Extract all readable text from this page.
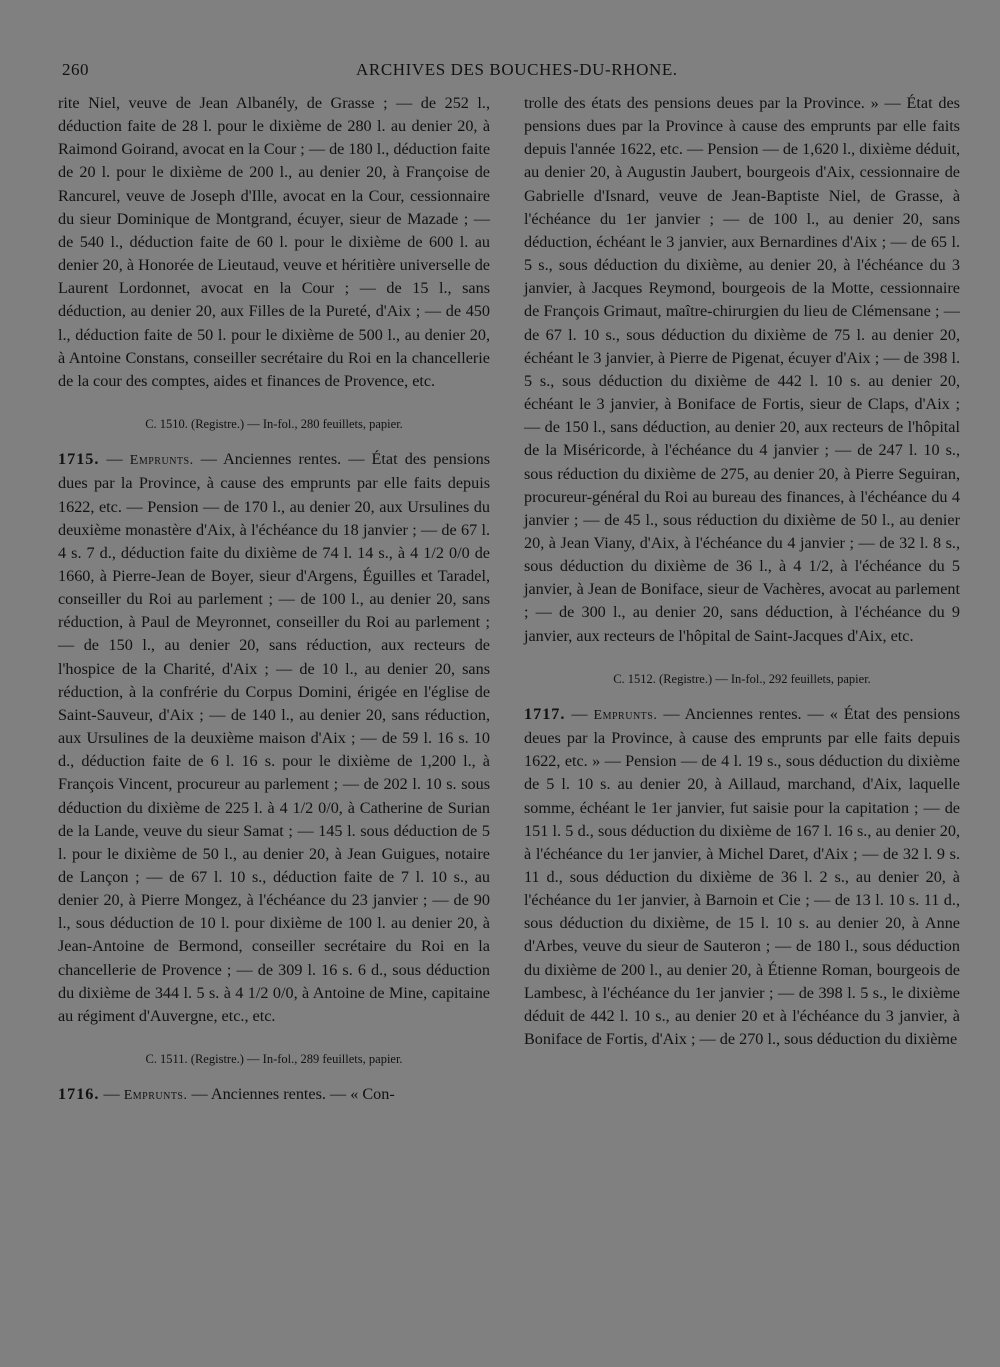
260	ARCHIVES DES BOUCHES-DU-RHONE.

rite Niel, veuve de Jean Albanély, de Grasse ; — de 252 l., déduction faite de 28 l. pour le dixième de 280 l. au denier 20, à Raimond Goirand, avocat en la Cour ; — de 180 l., déduction faite de 20 l. pour le dixième de 200 l., au denier 20, à Françoise de Rancurel, veuve de Joseph d'Ille, avocat en la Cour, cessionnaire du sieur Dominique de Montgrand, écuyer, sieur de Mazade ; — de 540 l., déduction faite de 60 l. pour le dixième de 600 l. au denier 20, à Honorée de Lieutaud, veuve et héritière universelle de Laurent Lordonnet, avocat en la Cour ; — de 15 l., sans déduction, au denier 20, aux Filles de la Pureté, d'Aix ; — de 450 l., déduction faite de 50 l. pour le dixième de 500 l., au denier 20, à Antoine Constans, conseiller secrétaire du Roi en la chancellerie de la cour des comptes, aides et finances de Provence, etc.

C. 1510. (Registre.) — In-fol., 280 feuillets, papier.

1715. — Emprunts. — Anciennes rentes. — État des pensions dues par la Province, à cause des emprunts par elle faits depuis 1622, etc. — Pension — de 170 l., au denier 20, aux Ursulines du deuxième monastère d'Aix, à l'échéance du 18 janvier ; — de 67 l. 4 s. 7 d., déduction faite du dixième de 74 l. 14 s., à 4 1/2 0/0 de 1660, à Pierre-Jean de Boyer, sieur d'Argens, Éguilles et Taradel, conseiller du Roi au parlement ; — de 100 l., au denier 20, sans réduction, à Paul de Meyronnet, conseiller du Roi au parlement ; — de 150 l., au denier 20, sans réduction, aux recteurs de l'hospice de la Charité, d'Aix ; — de 10 l., au denier 20, sans réduction, à la confrérie du Corpus Domini, érigée en l'église de Saint-Sauveur, d'Aix ; — de 140 l., au denier 20, sans réduction, aux Ursulines de la deuxième maison d'Aix ; — de 59 l. 16 s. 10 d., déduction faite de 6 l. 16 s. pour le dixième de 1,200 l., à François Vincent, procureur au parlement ; — de 202 l. 10 s. sous déduction du dixième de 225 l. à 4 1/2 0/0, à Catherine de Surian de la Lande, veuve du sieur Samat ; — 145 l. sous déduction de 5 l. pour le dixième de 50 l., au denier 20, à Jean Guigues, notaire de Lançon ; — de 67 l. 10 s., déduction faite de 7 l. 10 s., au denier 20, à Pierre Mongez, à l'échéance du 23 janvier ; — de 90 l., sous déduction de 10 l. pour dixième de 100 l. au denier 20, à Jean-Antoine de Bermond, conseiller secrétaire du Roi en la chancellerie de Provence ; — de 309 l. 16 s. 6 d., sous déduction du dixième de 344 l. 5 s. à 4 1/2 0/0, à Antoine de Mine, capitaine au régiment d'Auvergne, etc., etc.

C. 1511. (Registre.) — In-fol., 289 feuillets, papier.

1716. — Emprunts. — Anciennes rentes. — « Con-

trolle des états des pensions deues par la Province. » — État des pensions dues par la Province à cause des emprunts par elle faits depuis l'année 1622, etc. — Pension — de 1,620 l., dixième déduit, au denier 20, à Augustin Jaubert, bourgeois d'Aix, cessionnaire de Gabrielle d'Isnard, veuve de Jean-Baptiste Niel, de Grasse, à l'échéance du 1er janvier ; — de 100 l., au denier 20, sans déduction, échéant le 3 janvier, aux Bernardines d'Aix ; — de 65 l. 5 s., sous déduction du dixième, au denier 20, à l'échéance du 3 janvier, à Jacques Reymond, bourgeois de la Motte, cessionnaire de François Grimaut, maître-chirurgien du lieu de Clémensane ; — de 67 l. 10 s., sous déduction du dixième de 75 l. au denier 20, échéant le 3 janvier, à Pierre de Pigenat, écuyer d'Aix ; — de 398 l. 5 s., sous déduction du dixième de 442 l. 10 s. au denier 20, échéant le 3 janvier, à Boniface de Fortis, sieur de Claps, d'Aix ; — de 150 l., sans déduction, au denier 20, aux recteurs de l'hôpital de la Miséricorde, à l'échéance du 4 janvier ; — de 247 l. 10 s., sous réduction du dixième de 275, au denier 20, à Pierre Seguiran, procureur-général du Roi au bureau des finances, à l'échéance du 4 janvier ; — de 45 l., sous réduction du dixième de 50 l., au denier 20, à Jean Viany, d'Aix, à l'échéance du 4 janvier ; — de 32 l. 8 s., sous déduction du dixième de 36 l., à 4 1/2, à l'échéance du 5 janvier, à Jean de Boniface, sieur de Vachères, avocat au parlement ; — de 300 l., au denier 20, sans déduction, à l'échéance du 9 janvier, aux recteurs de l'hôpital de Saint-Jacques d'Aix, etc.

C. 1512. (Registre.) — In-fol., 292 feuillets, papier.

1717. — Emprunts. — Anciennes rentes. — « État des pensions deues par la Province, à cause des emprunts par elle faits depuis 1622, etc. » — Pension — de 4 l. 19 s., sous déduction du dixième de 5 l. 10 s. au denier 20, à Aillaud, marchand, d'Aix, laquelle somme, échéant le 1er janvier, fut saisie pour la capitation ; — de 151 l. 5 d., sous déduction du dixième de 167 l. 16 s., au denier 20, à l'échéance du 1er janvier, à Michel Daret, d'Aix ; — de 32 l. 9 s. 11 d., sous déduction du dixième de 36 l. 2 s., au denier 20, à l'échéance du 1er janvier, à Barnoin et Cie ; — de 13 l. 10 s. 11 d., sous déduction du dixième, de 15 l. 10 s. au denier 20, à Anne d'Arbes, veuve du sieur de Sauteron ; — de 180 l., sous déduction du dixième de 200 l., au denier 20, à Étienne Roman, bourgeois de Lambesc, à l'échéance du 1er janvier ; — de 398 l. 5 s., le dixième déduit de 442 l. 10 s., au denier 20 et à l'échéance du 3 janvier, à Boniface de Fortis, d'Aix ; — de 270 l., sous déduction du dixième
